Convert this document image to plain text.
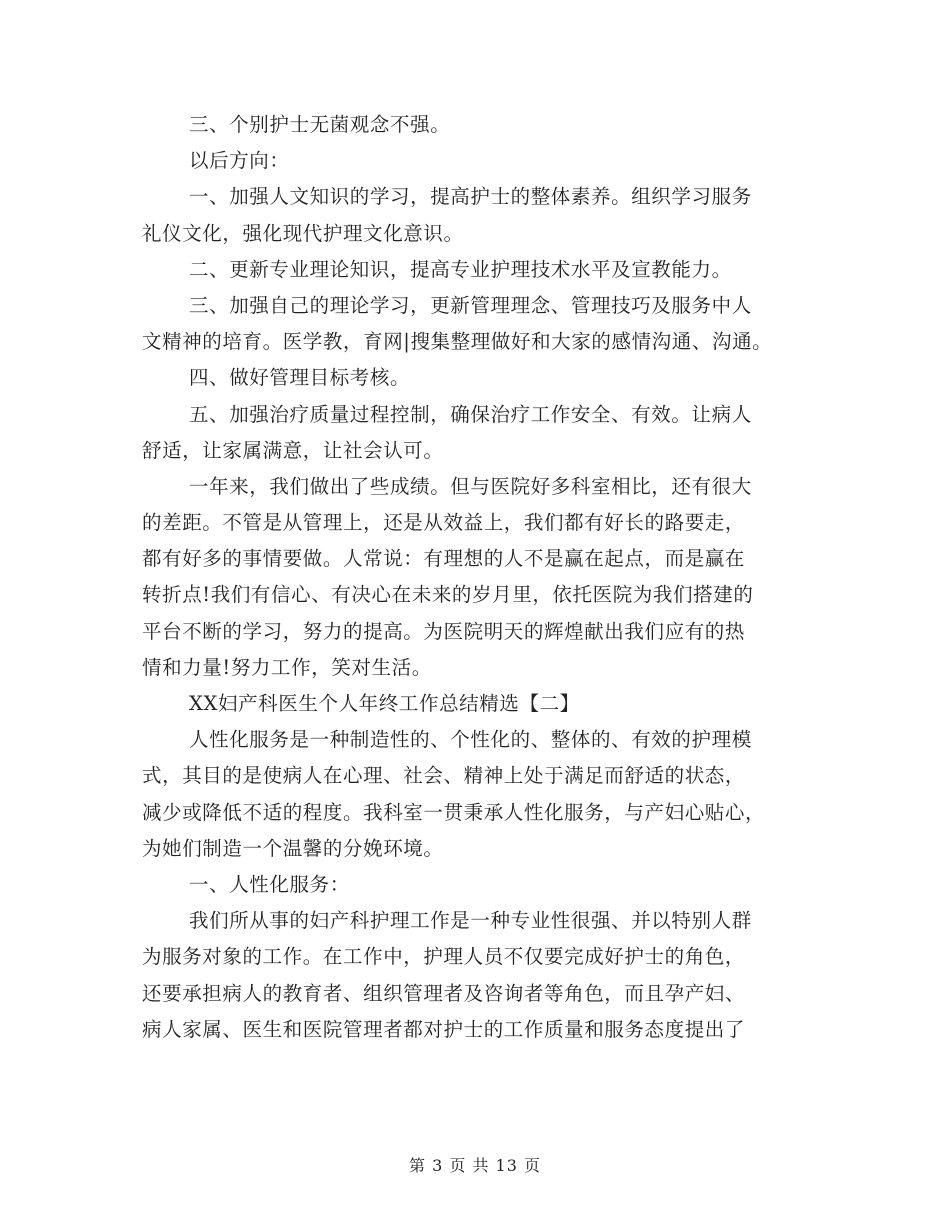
三、个别护士无菌观念不强。
以后方向：
一、加强人文知识的学习，提高护士的整体素养。组织学习服务
礼仪文化，强化现代护理文化意识。
二、更新专业理论知识，提高专业护理技术水平及宣教能力。
三、加强自己的理论学习，更新管理理念、管理技巧及服务中人
文精神的培育。医学教，育网|搜集整理做好和大家的感情沟通、沟通。
四、做好管理目标考核。
五、加强治疗质量过程控制，确保治疗工作安全、有效。让病人
舒适，让家属满意，让社会认可。
一年来，我们做出了些成绩。但与医院好多科室相比，还有很大
的差距。不管是从管理上，还是从效益上，我们都有好长的路要走，
都有好多的事情要做。人常说：有理想的人不是赢在起点，而是赢在
转折点!我们有信心、有决心在未来的岁月里，依托医院为我们搭建的
平台不断的学习，努力的提高。为医院明天的辉煌献出我们应有的热
情和力量!努力工作，笑对生活。
XX妇产科医生个人年终工作总结精选【二】
人性化服务是一种制造性的、个性化的、整体的、有效的护理模
式，其目的是使病人在心理、社会、精神上处于满足而舒适的状态，
减少或降低不适的程度。我科室一贯秉承人性化服务，与产妇心贴心，
为她们制造一个温馨的分娩环境。
一、人性化服务：
我们所从事的妇产科护理工作是一种专业性很强、并以特别人群
为服务对象的工作。在工作中，护理人员不仅要完成好护士的角色，
还要承担病人的教育者、组织管理者及咨询者等角色，而且孕产妇、
病人家属、医生和医院管理者都对护士的工作质量和服务态度提出了
第 3 页 共 13 页
